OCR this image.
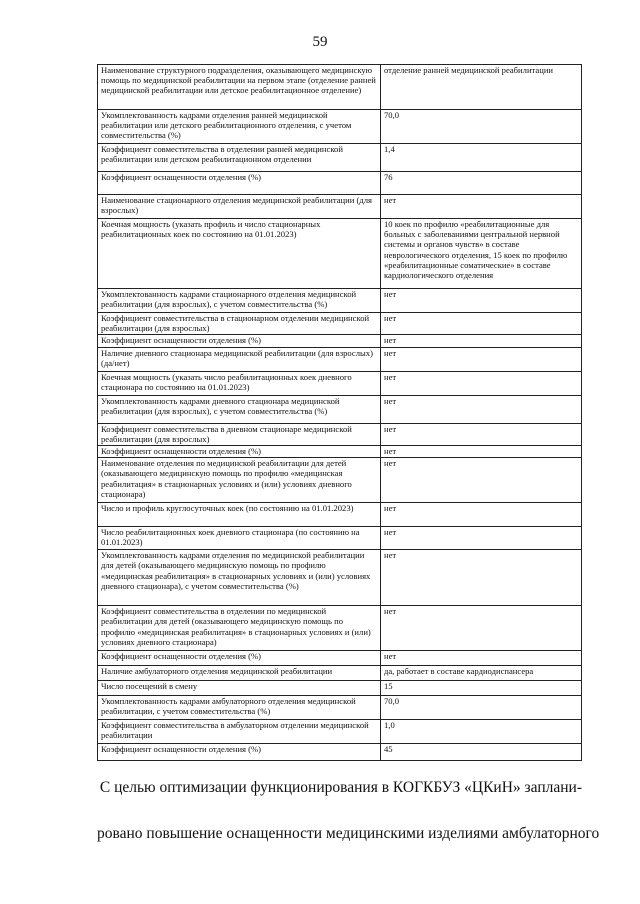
59
Наименование структурного подразделения, оказывающего медицинскую помощь по медицинской реабилитации на первом этапе (отделение ранней медицинской реабилитации или детское реабилитационное отделение)	отделение ранней медицинской реабилитации
Укомплектованность кадрами отделения ранней медицинской реабилитации или детского реабилитационного отделения, с учетом совместительства (%)	70,0
Коэффициент совместительства в отделении ранней медицинской реабилитации или детском реабилитационном отделении	1,4
Коэффициент оснащенности отделения (%)	76
Наименование стационарного отделения медицинской реабилитации (для взрослых)	нет
Коечная мощность (указать профиль и число стационарных реабилитационных коек по состоянию на 01.01.2023)	10 коек по профилю «реабилитационные для больных с заболеваниями центральной нервной системы и органов чувств» в составе неврологического отделения, 15 коек по профилю «реабилитационные соматические» в составе кардиологического отделения
Укомплектованность кадрами стационарного отделения медицинской реабилитации (для взрослых), с учетом совместительства (%)	нет
Коэффициент совместительства в стационарном отделении медицинской реабилитации (для взрослых)	нет
Коэффициент оснащенности отделения (%)	нет
Наличие дневного стационара медицинской реабилитации (для взрослых) (да/нет)	нет
Коечная мощность (указать число реабилитационных коек дневного стационара по состоянию на 01.01.2023)	нет
Укомплектованность кадрами дневного стационара медицинской реабилитации (для взрослых), с учетом совместительства (%)	нет
Коэффициент совместительства в дневном стационаре медицинской реабилитации (для взрослых)	нет
Коэффициент оснащенности отделения (%)	нет
Наименование отделения по медицинской реабилитации для детей (оказывающего медицинскую помощь по профилю «медицинская реабилитация» в стационарных условиях и (или) условиях дневного стационара)	нет
Число и профиль круглосуточных коек (по состоянию на 01.01.2023)	нет
Число реабилитационных коек дневного стационара (по состоянию на 01.01.2023)	нет
Укомплектованность кадрами отделения по медицинской реабилитации для детей (оказывающего медицинскую помощь по профилю «медицинская реабилитация» в стационарных условиях и (или) условиях дневного стационара), с учетом совместительства (%)	нет
Коэффициент совместительства в отделении по медицинской реабилитации для детей (оказывающего медицинскую помощь по профилю «медицинская реабилитация» в стационарных условиях и (или) условиях дневного стационара)	нет
Коэффициент оснащенности отделения (%)	нет
Наличие амбулаторного отделения медицинской реабилитации	да, работает в составе кардиодиспансера
Число посещений в смену	15
Укомплектованность кадрами амбулаторного отделения медицинской реабилитации, с учетом совместительства (%)	70,0
Коэффициент совместительства в амбулаторном отделении медицинской реабилитации	1,0
Коэффициент оснащенности отделения (%)	45
С целью оптимизации функционирования в КОГКБУЗ «ЦКиН» заплани-
ровано повышение оснащенности медицинскими изделиями амбулаторного
